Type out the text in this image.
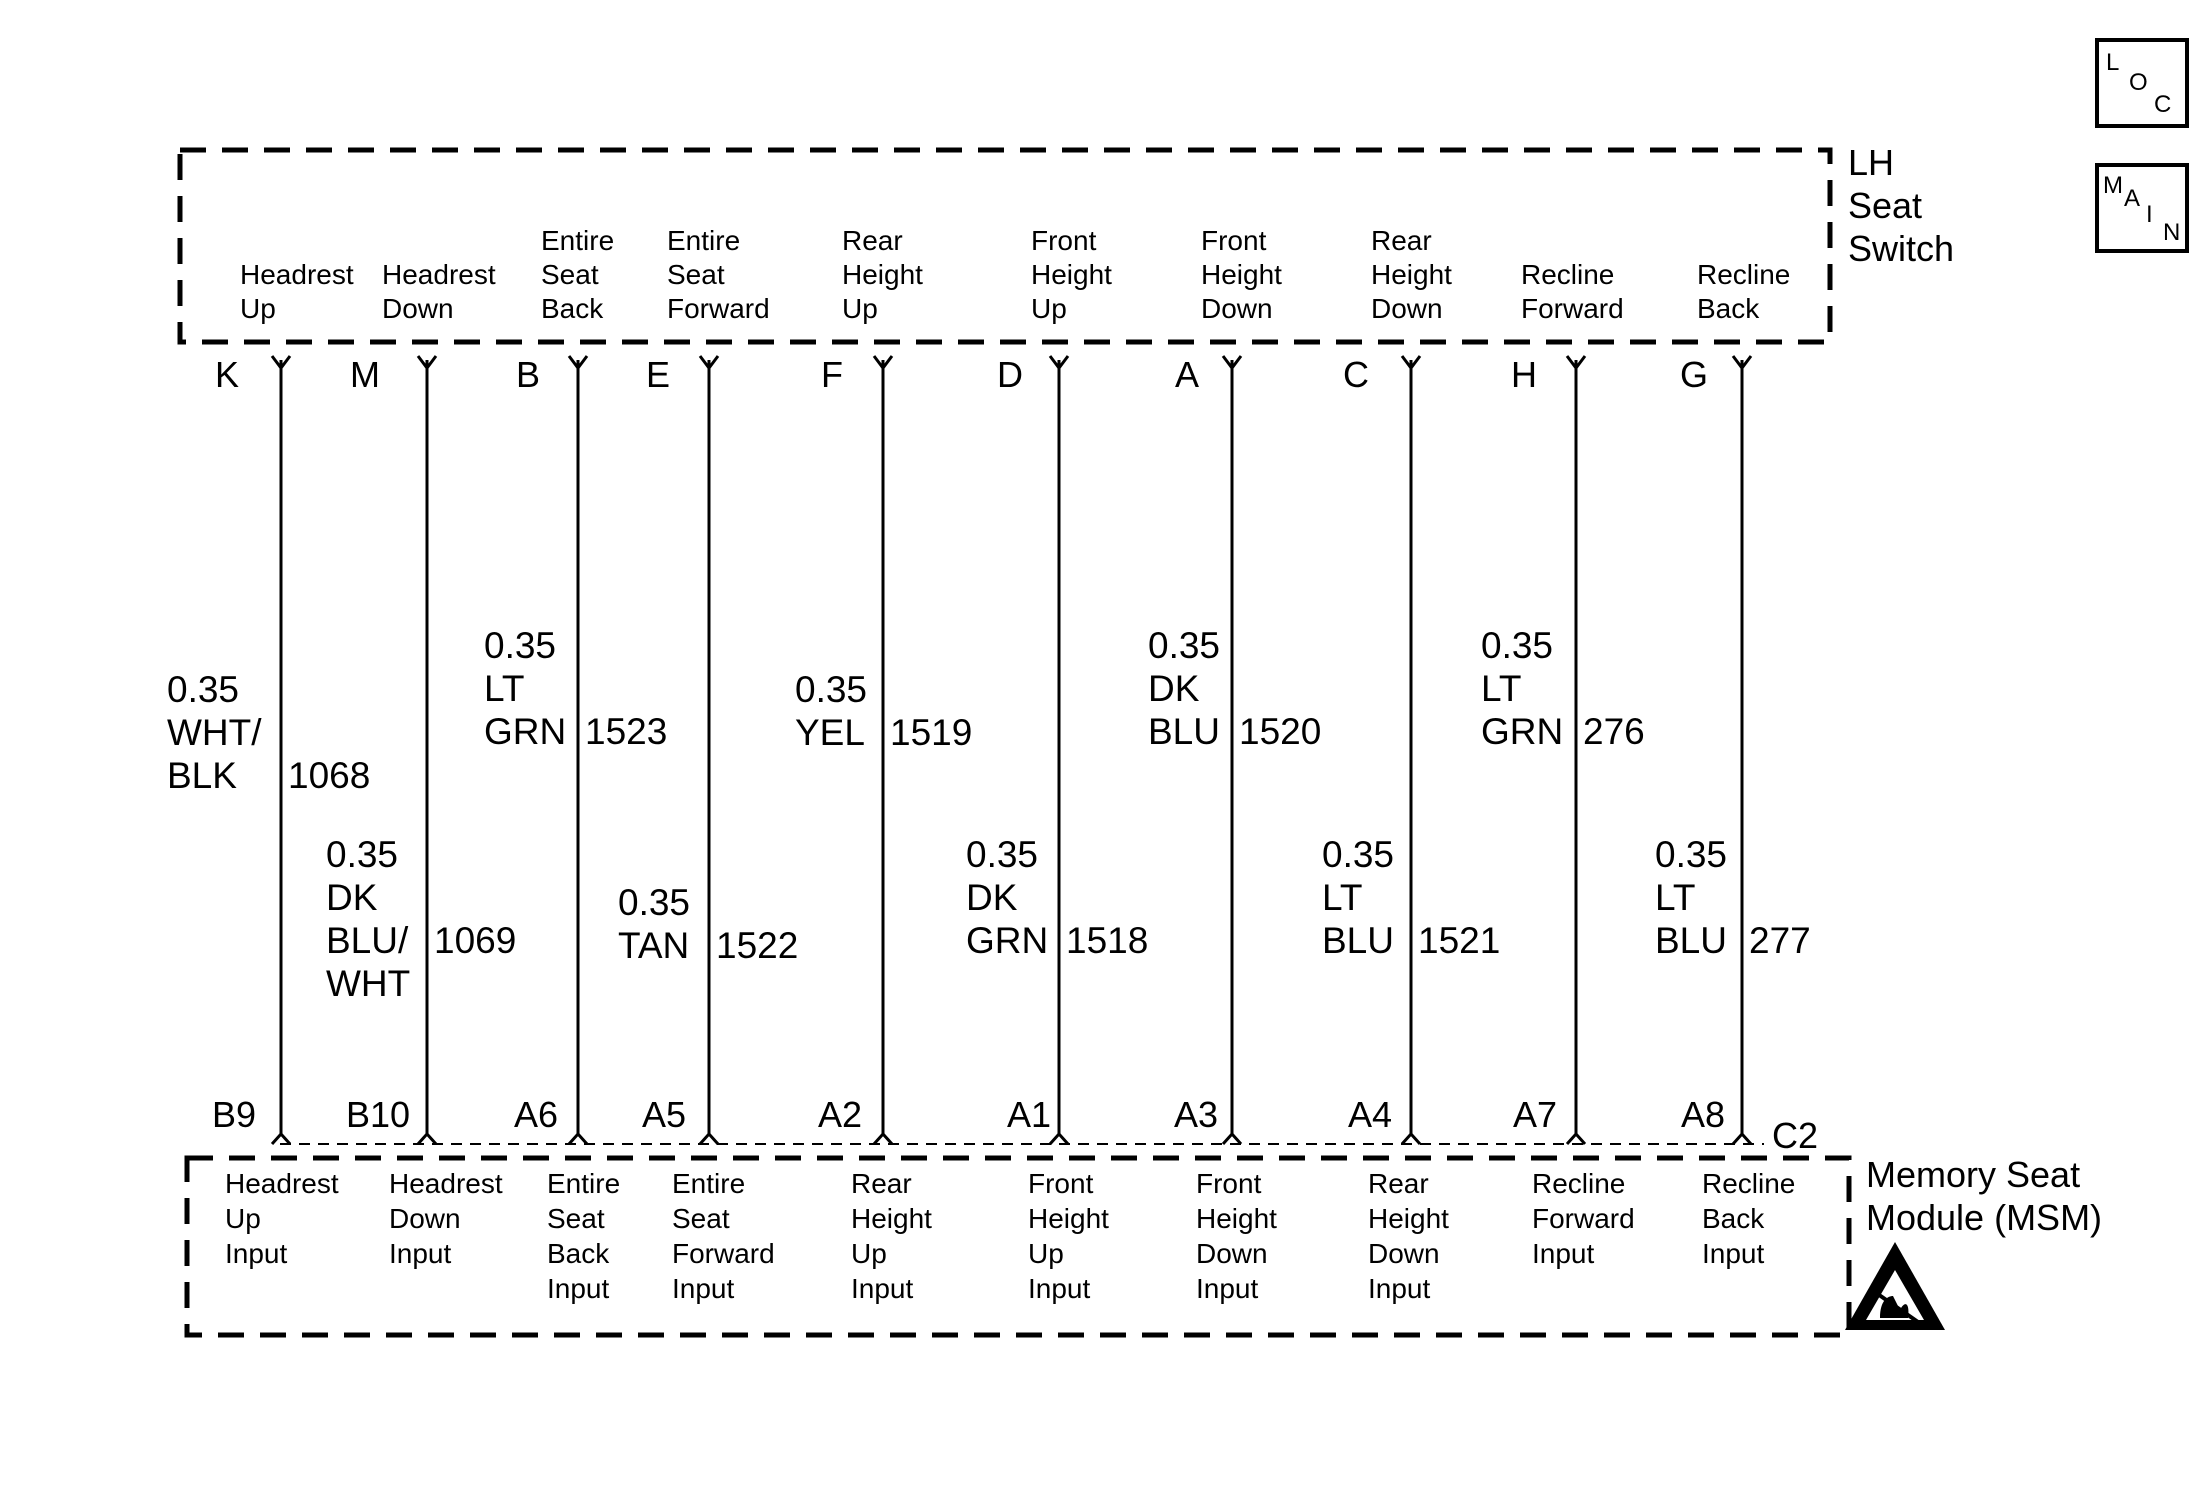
LH Seat Switch
Memory Seat Module (MSM)
C2
Headrest Up
K
Headrest Down
M
Entire Seat Back
B
Entire Seat Forward
E
Rear Height Up
F
Front Height Up
D
Front Height Down
A
Rear Height Down
C
Recline Forward
H
Recline Back
G
0.35 WHT/ BLK	1068
0.35 DK BLU/ WHT
1069
0.35 LT GRN 1523
0.35 TAN 1522
0.35 YEL 1519
0.35 DK GRN 1518
0.35 DK BLU 1520
0.35 LT BLU 1521
0.35 LT GRN 276
0.35 LT BLU 277
Headrest Up Input
B9
Headrest Down Input
B10
Entire Seat Back Input
A6
Entire Seat Forward Input
A5
Rear Height Up Input
A2
Front Height Up Input
A1
Front Height Down Input
A3
Rear Height Down Input
A4
Recline Forward Input
A7
Recline Back Input
A8
L
O
C
M A
I
N
